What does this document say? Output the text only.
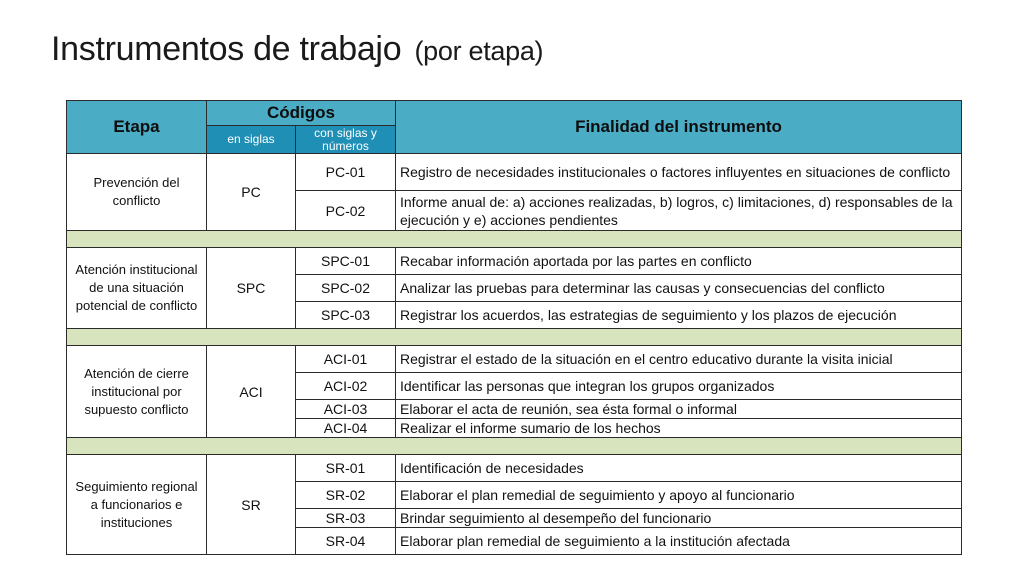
Instrumentos de trabajo (por etapa)
Etapa	Códigos		Finalidad del instrumento
	en siglas	con siglas y números	
Prevención del conflicto	PC	PC-01	Registro de necesidades institucionales o factores influyentes en situaciones de conflicto
		PC-02	Informe anual de: a) acciones realizadas, b) logros, c) limitaciones, d) responsables de la ejecución y e) acciones pendientes

Atención institucional de una situación potencial de conflicto	SPC	SPC-01	Recabar información aportada por las partes en conflicto
		SPC-02	Analizar las pruebas para determinar las causas y consecuencias del conflicto
		SPC-03	Registrar los acuerdos, las estrategias de seguimiento y los plazos de ejecución

Atención de cierre institucional por supuesto conflicto	ACI	ACI-01	Registrar el estado de la situación en el centro educativo durante la visita inicial
		ACI-02	Identificar las personas que integran los grupos organizados
		ACI-03	Elaborar el acta de reunión, sea ésta formal o informal
		ACI-04	Realizar el informe sumario de los hechos

Seguimiento regional a funcionarios e instituciones	SR	SR-01	Identificación de necesidades
		SR-02	Elaborar el plan remedial de seguimiento y apoyo al funcionario
		SR-03	Brindar seguimiento al desempeño del funcionario
		SR-04	Elaborar plan remedial de seguimiento a la institución afectada
